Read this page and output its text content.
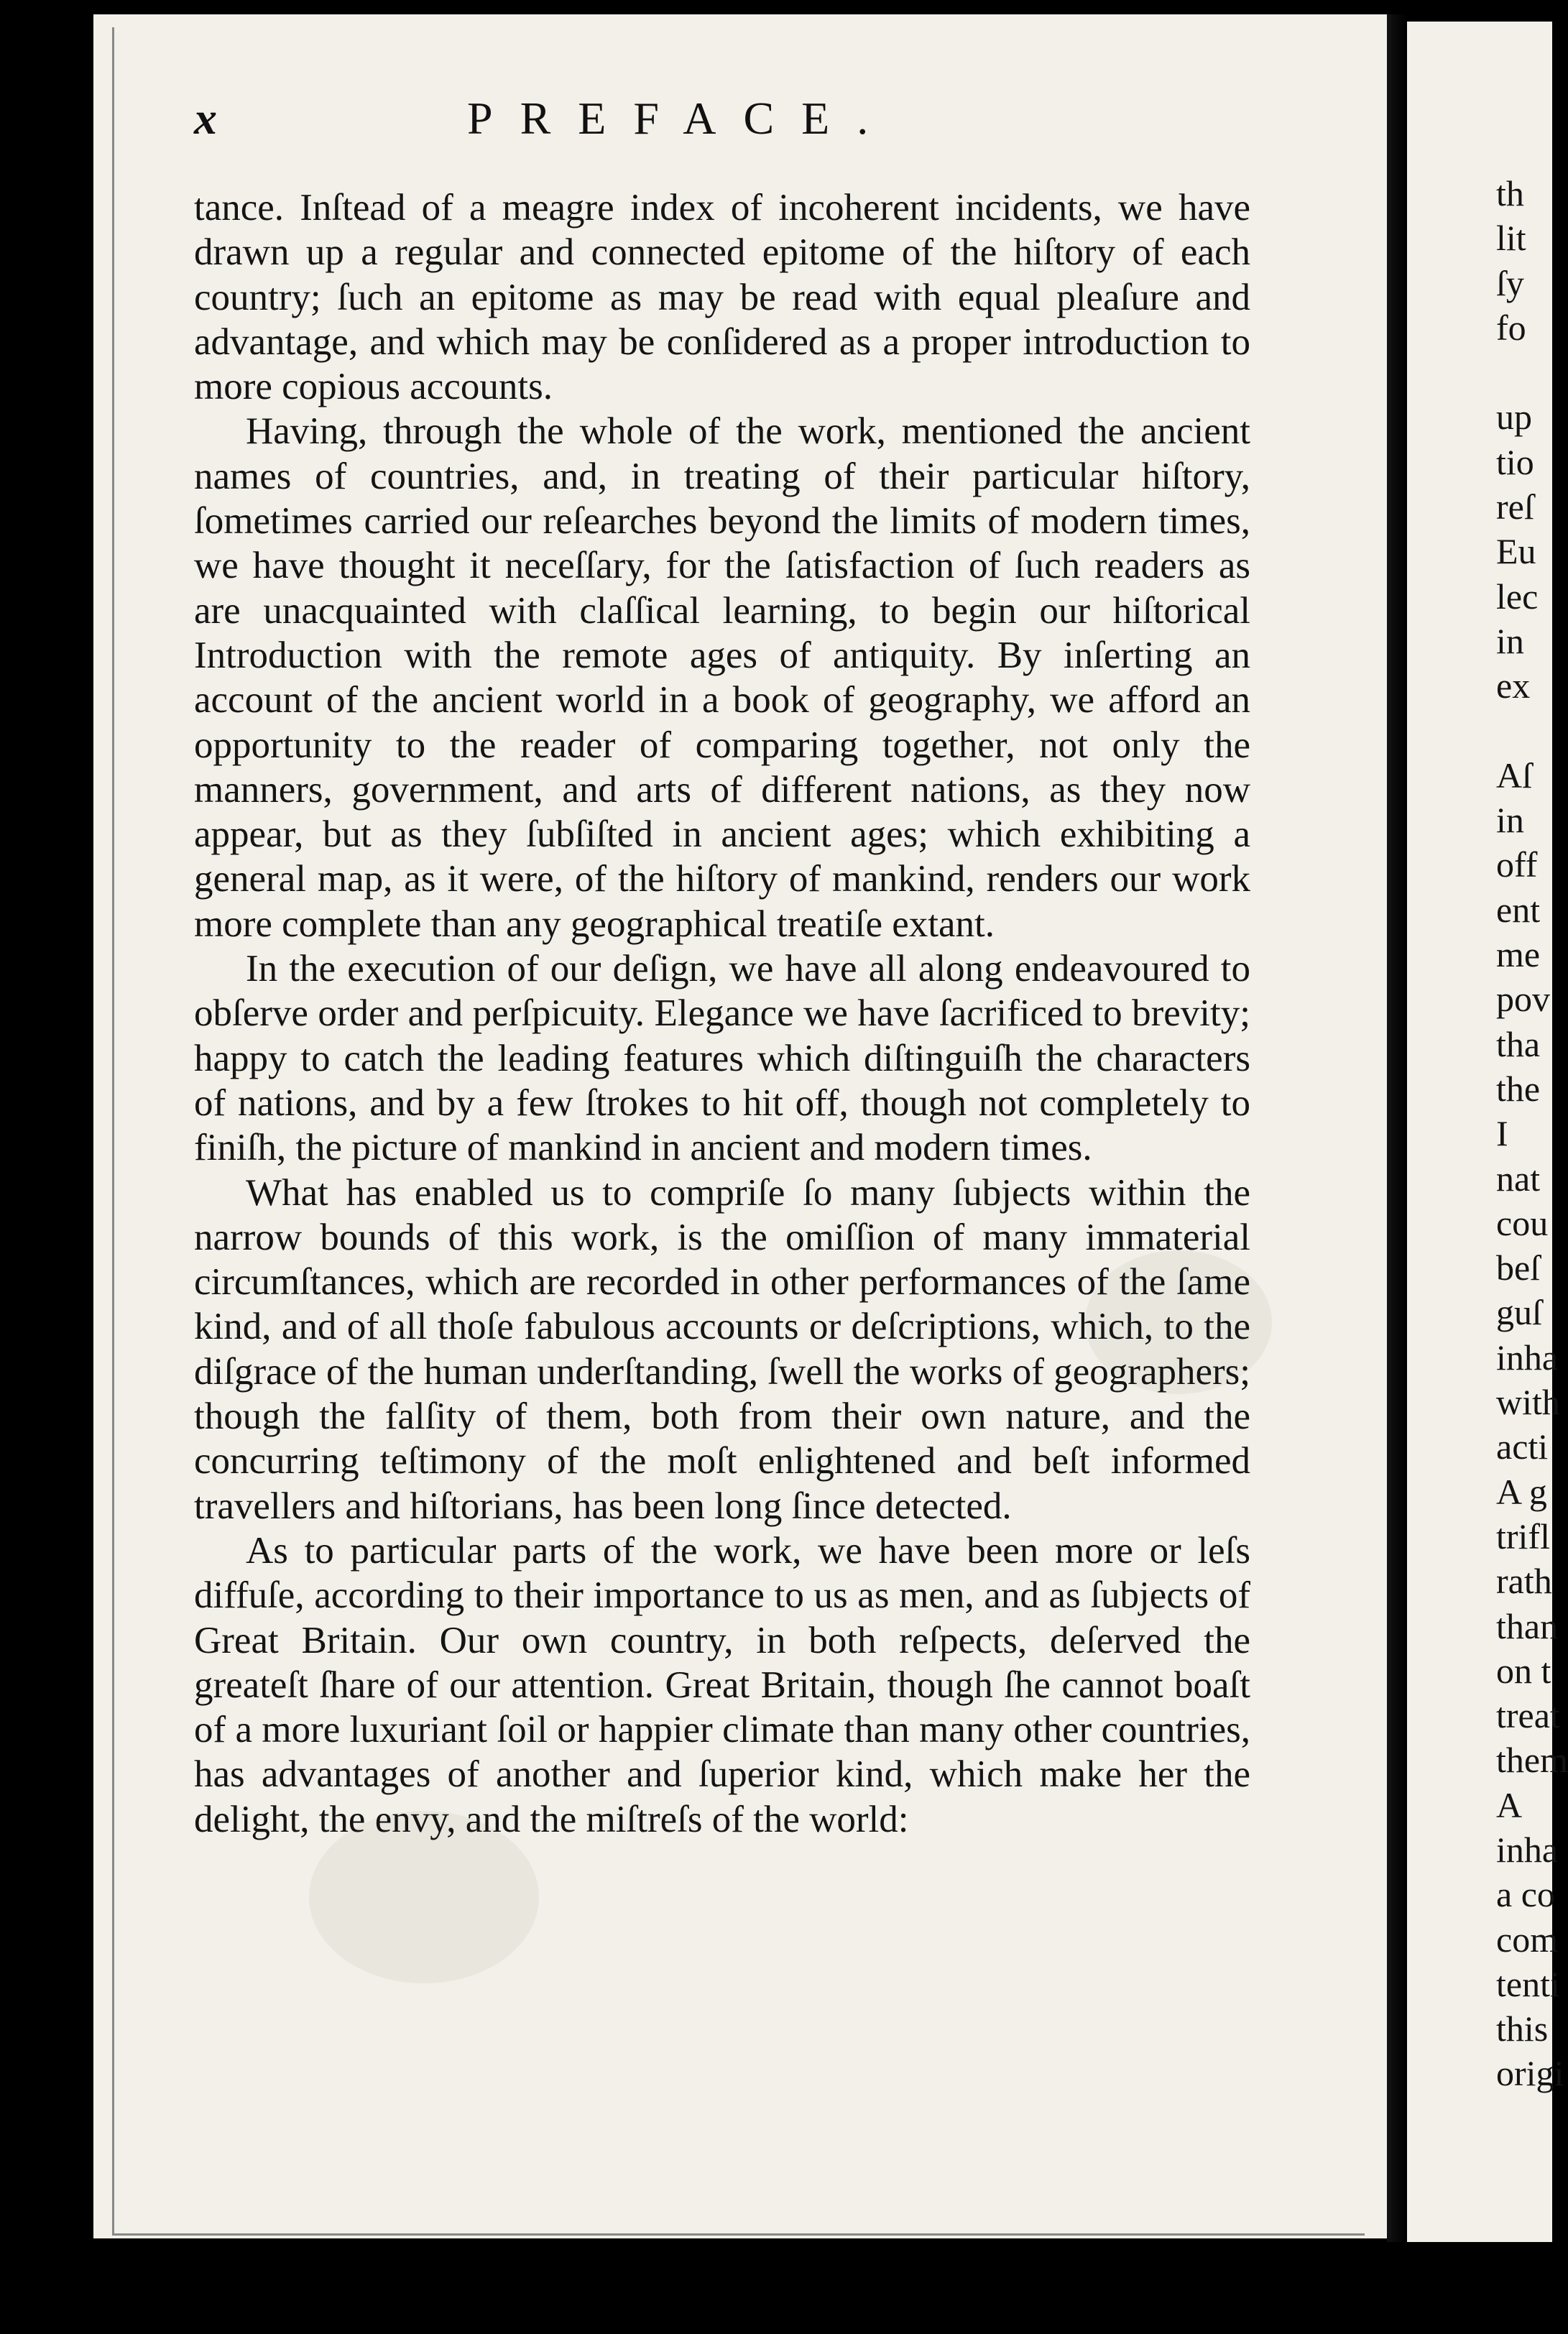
x	PREFACE.

tance. Inſtead of a meagre index of incoherent incidents, we have drawn up a regular and connected epitome of the hiſtory of each country; ſuch an epitome as may be read with equal pleaſure and advantage, and which may be conſidered as a proper introduction to more copious accounts.

Having, through the whole of the work, mentioned the ancient names of countries, and, in treating of their particular hiſtory, ſometimes carried our reſearches beyond the limits of modern times, we have thought it neceſſary, for the ſatisfaction of ſuch readers as are unacquainted with claſſical learning, to begin our hiſtorical Introduction with the remote ages of antiquity. By inſerting an account of the ancient world in a book of geography, we afford an opportunity to the reader of comparing together, not only the manners, government, and arts of different nations, as they now appear, but as they ſubſiſted in ancient ages; which exhibiting a general map, as it were, of the hiſtory of mankind, renders our work more complete than any geographical treatiſe extant.

In the execution of our deſign, we have all along endeavoured to obſerve order and perſpicuity. Elegance we have ſacrificed to brevity; happy to catch the leading features which diſtinguiſh the characters of nations, and by a few ſtrokes to hit off, though not completely to finiſh, the picture of mankind in ancient and modern times.

What has enabled us to compriſe ſo many ſubjects within the narrow bounds of this work, is the omiſſion of many immaterial circumſtances, which are recorded in other performances of the ſame kind, and of all thoſe fabulous accounts or deſcriptions, which, to the diſgrace of the human underſtanding, ſwell the works of geographers; though the falſity of them, both from their own nature, and the concurring teſtimony of the moſt enlightened and beſt informed travellers and hiſtorians, has been long ſince detected.

As to particular parts of the work, we have been more or leſs diffuſe, according to their importance to us as men, and as ſubjects of Great Britain. Our own country, in both reſpects, deſerved the greateſt ſhare of our attention. Great Britain, though ſhe cannot boaſt of a more luxuriant ſoil or happier climate than many other countries, has advantages of another and ſuperior kind, which make her the delight, the envy, and the miſtreſs of the world:

th
lit
ſy
fo
up
tio
reſ
Eu
lec
in
ex
Aſ
in
off
ent
me
pov
tha
the
I
nat
cou
beſ
guſ
inha
with
acti
A g
trifl
rath
than
on t
treat
them
A
inha
a co
com
tenti
this
origi
